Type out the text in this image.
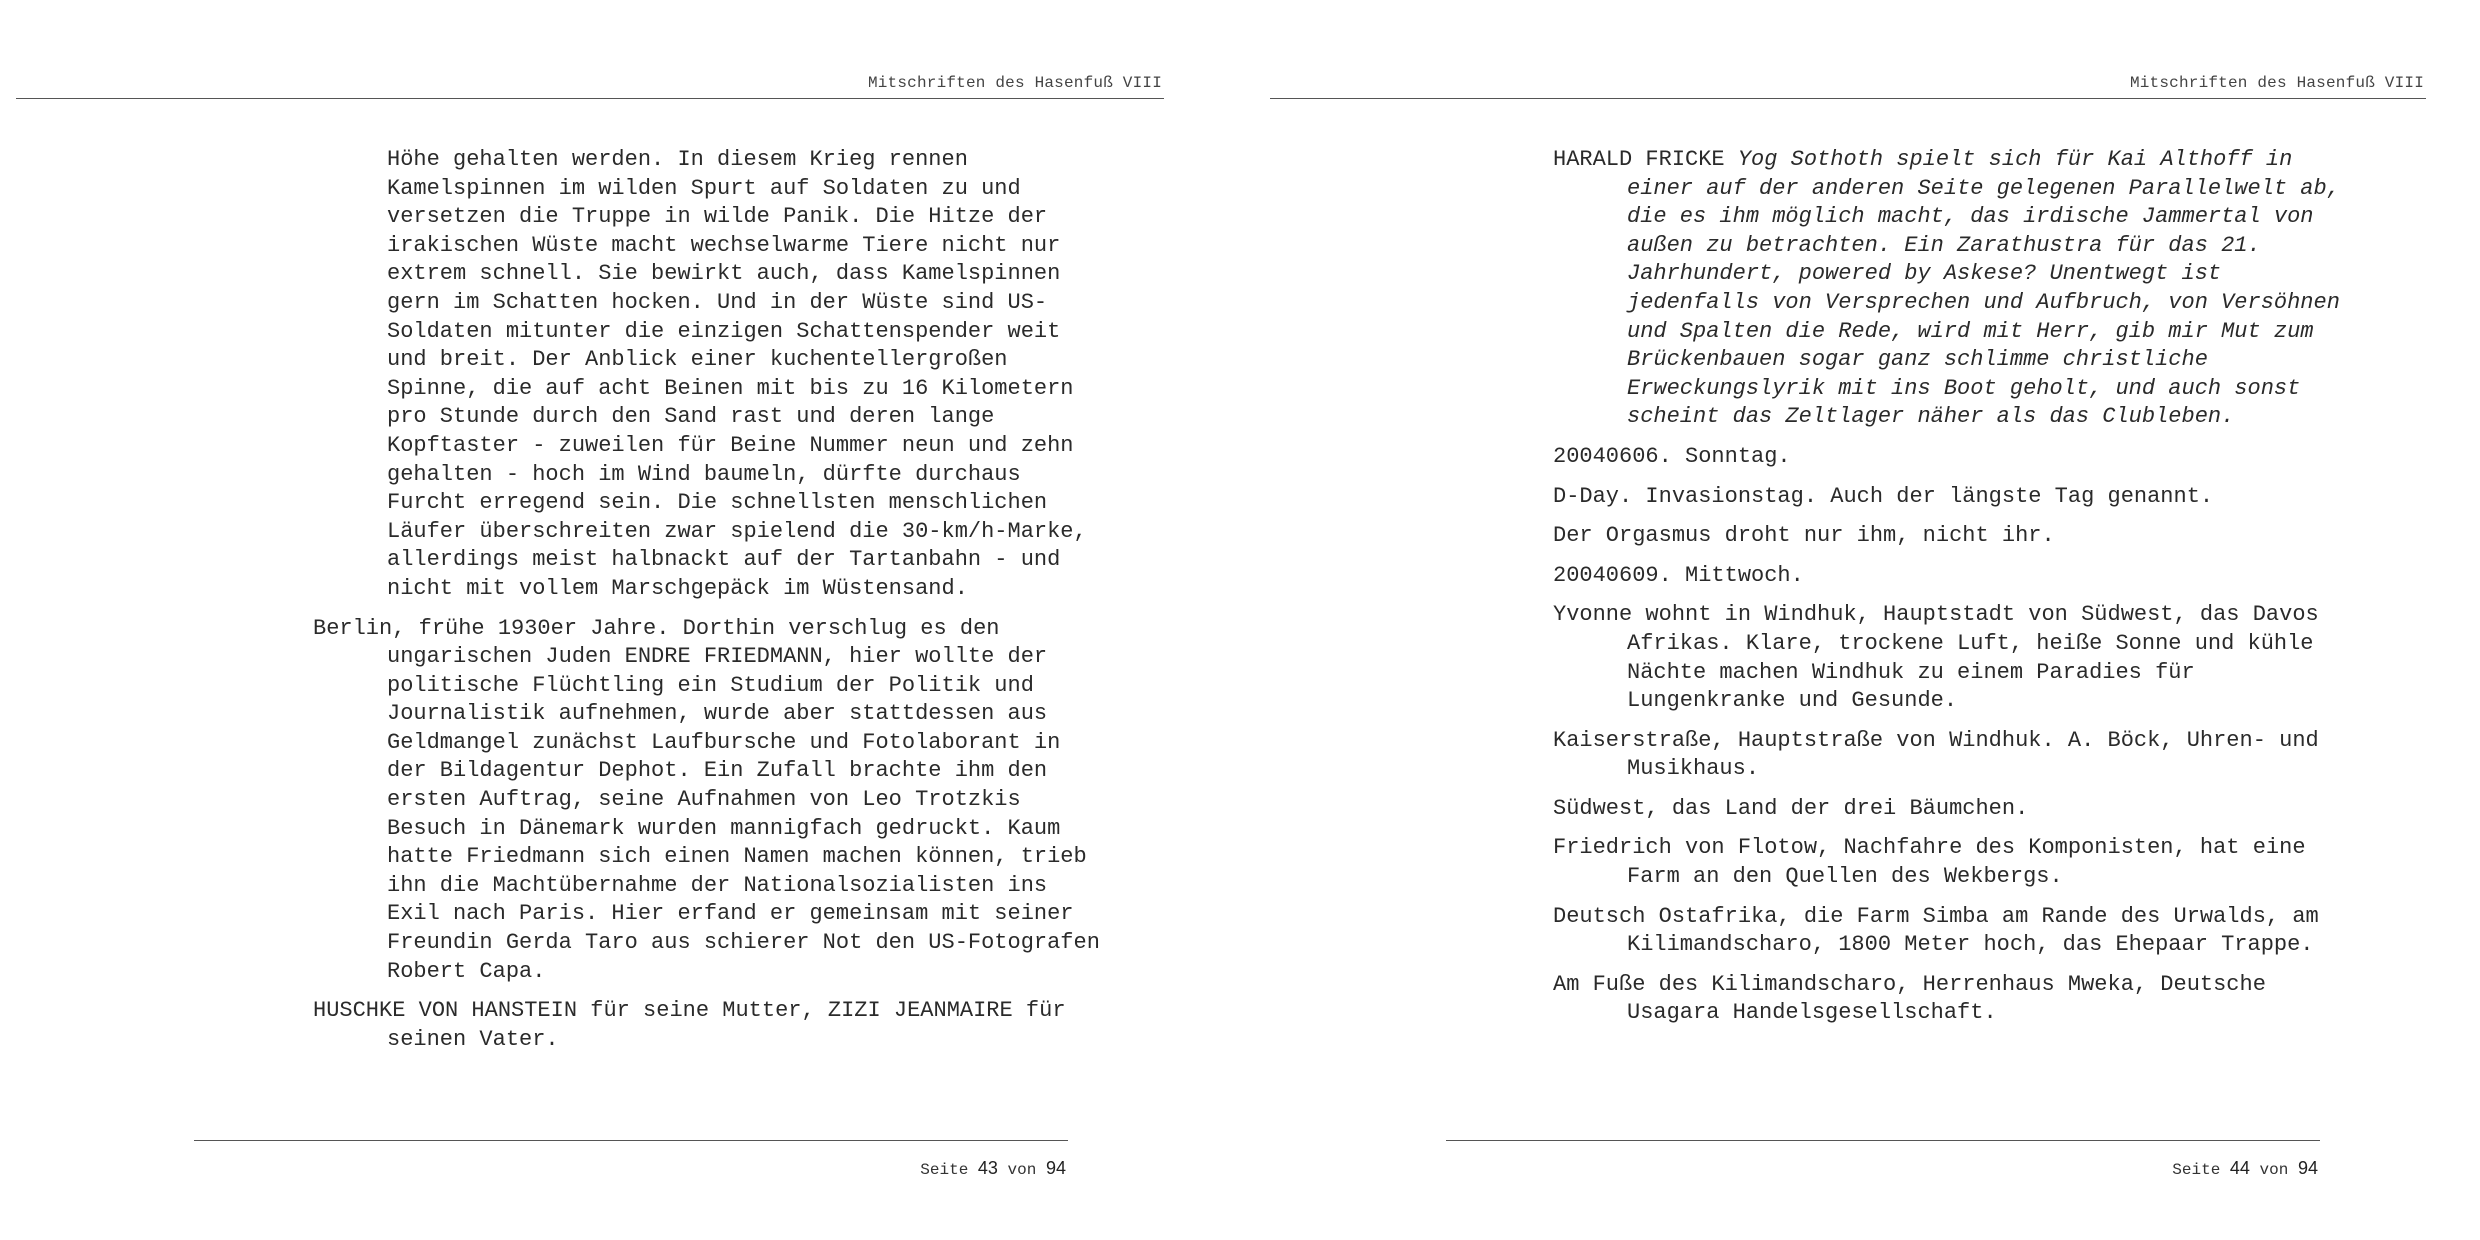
Mitschriften des Hasenfuß VIII

Höhe gehalten werden. In diesem Krieg rennen
Kamelspinnen im wilden Spurt auf Soldaten zu und
versetzen die Truppe in wilde Panik. Die Hitze der
irakischen Wüste macht wechselwarme Tiere nicht nur
extrem schnell. Sie bewirkt auch, dass Kamelspinnen
gern im Schatten hocken. Und in der Wüste sind US-
Soldaten mitunter die einzigen Schattenspender weit
und breit. Der Anblick einer kuchentellergroßen
Spinne, die auf acht Beinen mit bis zu 16 Kilometern
pro Stunde durch den Sand rast und deren lange
Kopftaster - zuweilen für Beine Nummer neun und zehn
gehalten - hoch im Wind baumeln, dürfte durchaus
Furcht erregend sein. Die schnellsten menschlichen
Läufer überschreiten zwar spielend die 30-km/h-Marke,
allerdings meist halbnackt auf der Tartanbahn - und
nicht mit vollem Marschgepäck im Wüstensand.

Berlin, frühe 1930er Jahre. Dorthin verschlug es den
ungarischen Juden ENDRE FRIEDMANN, hier wollte der
politische Flüchtling ein Studium der Politik und
Journalistik aufnehmen, wurde aber stattdessen aus
Geldmangel zunächst Laufbursche und Fotolaborant in
der Bildagentur Dephot. Ein Zufall brachte ihm den
ersten Auftrag, seine Aufnahmen von Leo Trotzkis
Besuch in Dänemark wurden mannigfach gedruckt. Kaum
hatte Friedmann sich einen Namen machen können, trieb
ihn die Machtübernahme der Nationalsozialisten ins
Exil nach Paris. Hier erfand er gemeinsam mit seiner
Freundin Gerda Taro aus schierer Not den US-Fotografen
Robert Capa.

HUSCHKE VON HANSTEIN für seine Mutter, ZIZI JEANMAIRE für
seinen Vater.

Seite 43 von 94
Mitschriften des Hasenfuß VIII

HARALD FRICKE Yog Sothoth spielt sich für Kai Althoff in
einer auf der anderen Seite gelegenen Parallelwelt ab,
die es ihm möglich macht, das irdische Jammertal von
außen zu betrachten. Ein Zarathustra für das 21.
Jahrhundert, powered by Askese? Unentwegt ist
jedenfalls von Versprechen und Aufbruch, von Versöhnen
und Spalten die Rede, wird mit Herr, gib mir Mut zum
Brückenbauen sogar ganz schlimme christliche
Erweckungslyrik mit ins Boot geholt, und auch sonst
scheint das Zeltlager näher als das Clubleben.

20040606. Sonntag.

D-Day. Invasionstag. Auch der längste Tag genannt.

Der Orgasmus droht nur ihm, nicht ihr.

20040609. Mittwoch.

Yvonne wohnt in Windhuk, Hauptstadt von Südwest, das Davos
Afrikas. Klare, trockene Luft, heiße Sonne und kühle
Nächte machen Windhuk zu einem Paradies für
Lungenkranke und Gesunde.

Kaiserstraße, Hauptstraße von Windhuk. A. Böck, Uhren- und
Musikhaus.

Südwest, das Land der drei Bäumchen.

Friedrich von Flotow, Nachfahre des Komponisten, hat eine
Farm an den Quellen des Wekbergs.

Deutsch Ostafrika, die Farm Simba am Rande des Urwalds, am
Kilimandscharo, 1800 Meter hoch, das Ehepaar Trappe.

Am Fuße des Kilimandscharo, Herrenhaus Mweka, Deutsche
Usagara Handelsgesellschaft.

Seite 44 von 94
